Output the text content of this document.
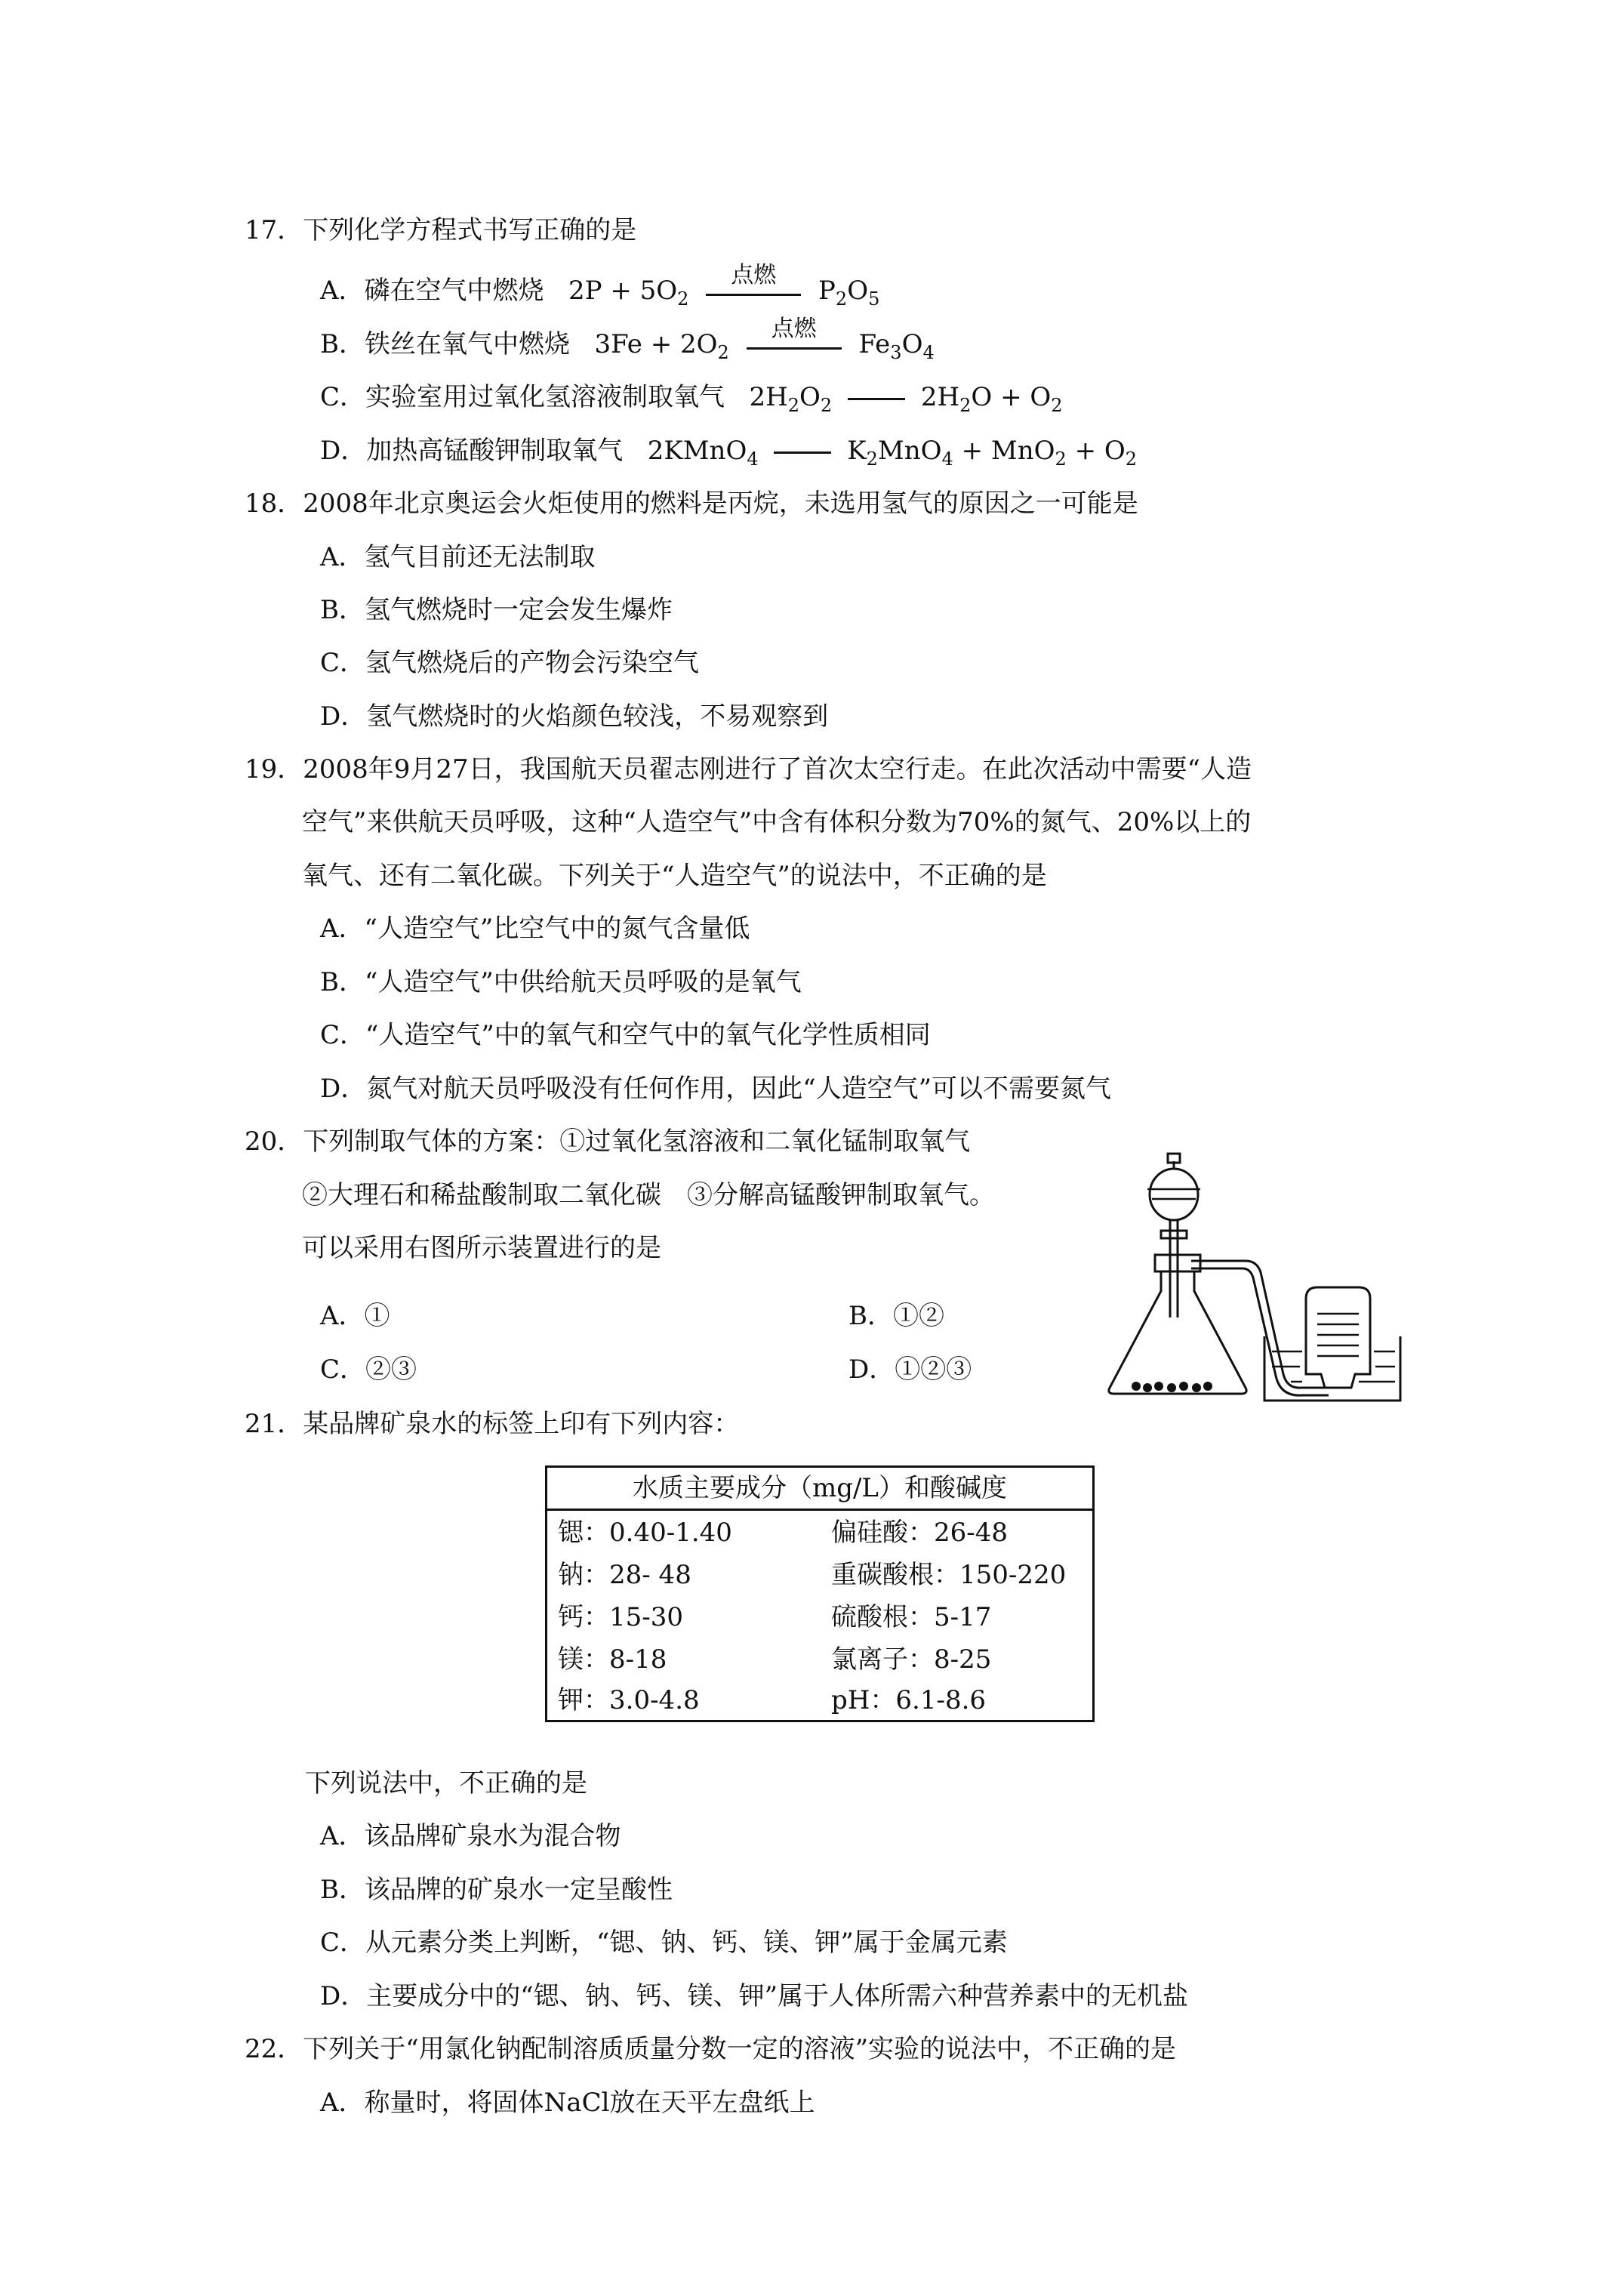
17．下列化学方程式书写正确的是
A．磷在空气中燃烧 $2P + 5O_2$
点燃
$P_2O_5$
B．铁丝在氧气中燃烧 $3Fe + 2O_2$
点燃
$Fe_3O_4$
C．实验室用过氧化氢溶液制取氧气 $2H_2O_2$	$2H_2O + O_2$
D．加热高锰酸钾制取氧气 2KMnO$_4$	$K_2MnO_4 + MnO_2 + O_2$
18．2008年北京奥运会火炬使用的燃料是丙烷，未选用氢气的原因之一可能是
A．氢气目前还无法制取
B．氢气燃烧时一定会发生爆炸
C．氢气燃烧后的产物会污染空气
D．氢气燃烧时的火焰颜色较浅，不易观察到
19．2008年9月27日，我国航天员翟志刚进行了首次太空行走。在此次活动中需要“人造
空气”来供航天员呼吸，这种“人造空气”中含有体积分数为70%的氮气、20%以上的
氧气、还有二氧化碳。下列关于“人造空气”的说法中，不正确的是
A．“人造空气”比空气中的氮气含量低
B．“人造空气”中供给航天员呼吸的是氧气
C．“人造空气”中的氧气和空气中的氧气化学性质相同
D．氮气对航天员呼吸没有任何作用，因此“人造空气”可以不需要氮气
20．下列制取气体的方案：①过氧化氢溶液和二氧化锰制取氧气
②大理石和稀盐酸制取二氧化碳　③分解高锰酸钾制取氧气。
可以采用右图所示装置进行的是
A．①	B．①②
C．②③	D．①②③
21．某品牌矿泉水的标签上印有下列内容：
水质主要成分（mg/L）和酸碱度
锶：0.40-1.40	偏硅酸：26-48
钠：28- 48	重碳酸根：150-220
钙：15-30	硫酸根：5-17
镁：8-18	氯离子：8-25
钾：3.0-4.8	pH：6.1-8.6
下列说法中，不正确的是
A．该品牌矿泉水为混合物
B．该品牌的矿泉水一定呈酸性
C．从元素分类上判断，“锶、钠、钙、镁、钾”属于金属元素
D．主要成分中的“锶、钠、钙、镁、钾”属于人体所需六种营养素中的无机盐
22．下列关于“用氯化钠配制溶质质量分数一定的溶液”实验的说法中，不正确的是
A．称量时，将固体NaCl放在天平左盘纸上
